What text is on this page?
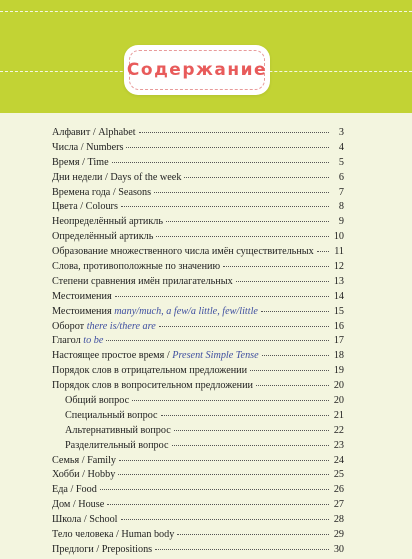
Содержание
Алфавит / Alphabet	3
Числа / Numbers	4
Время / Time	5
Дни недели / Days of the week	6
Времена года / Seasons	7
Цвета / Colours	8
Неопределённый артикль	9
Определённый артикль	10
Образование множественного числа имён существительных 11
Слова, противоположные по значению	12
Степени сравнения имён прилагательных	13
Местоимения	14
Местоимения many/much, a few/a little, few/little	15
Оборот there is/there are	16
Глагол to be	17
Настоящее простое время / Present Simple Tense	18
Порядок слов в отрицательном предложении	19
Порядок слов в вопросительном предложении	20
Общий вопрос	20
Специальный вопрос	21
Альтернативный вопрос	22
Разделительный вопрос	23
Семья / Family	24
Хобби / Hobby	25
Еда / Food	26
Дом / House	27
Школа / School	28
Тело человека / Human body	29
Предлоги / Prepositions	30
